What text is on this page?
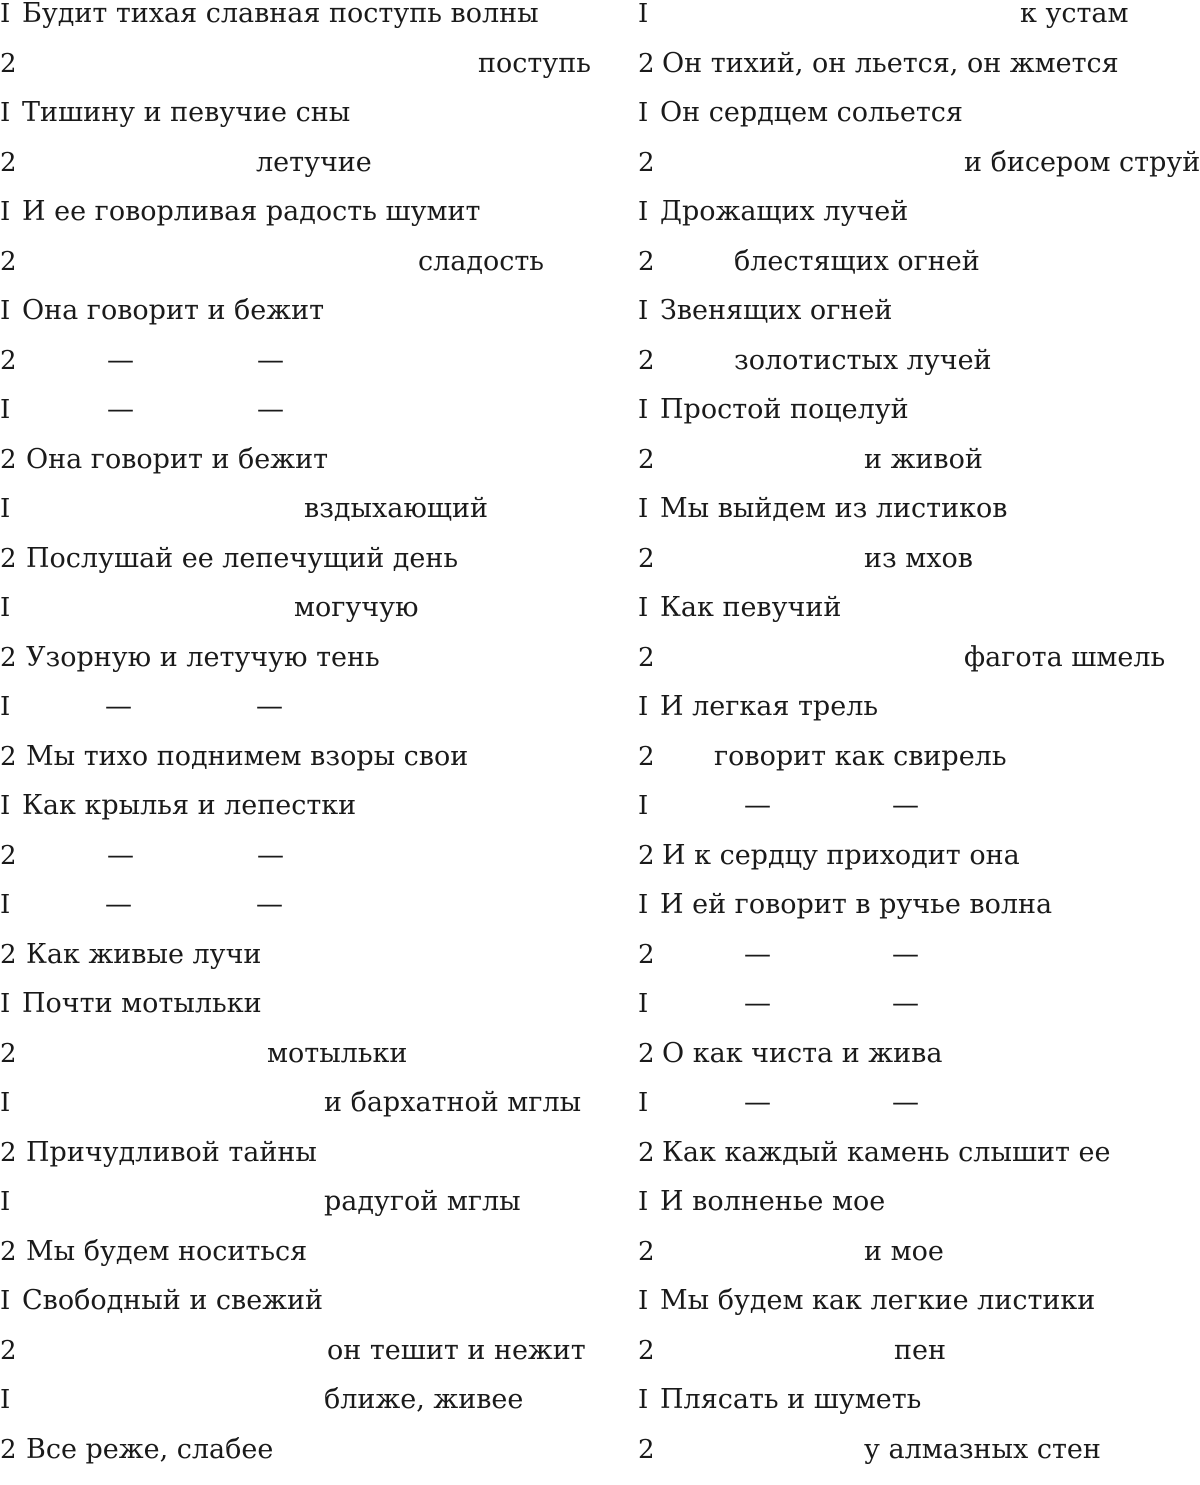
I Будит тихая славная поступь волны
2	поступь
I Тишину и певучие сны
2	летучие
I И ее говорливая радость шумит
2	сладость
I Она говорит и бежит
2	—	—
I	—	—
2 Она говорит и бежит
I	вздыхающий
2 Послушай ее лепечущий день
I	могучую
2 Узорную и летучую тень
I	—	—
2 Мы тихо поднимем взоры свои
I Как крылья и лепестки
2	—	—
I	—	—
2 Как живые лучи
I Почти мотыльки
2	мотыльки
I	и бархатной мглы
2 Причудливой тайны
I	радугой мглы
2 Мы будем носиться
I Свободный и свежий
2	он тешит и нежит
I	ближе, живее
2 Все реже, слабее
I	к устам
2 Он тихий, он льется, он жмется
I Он сердцем сольется
2	и бисером струй
I Дрожащих лучей
2	блестящих огней
I Звенящих огней
2	золотистых лучей
I Простой поцелуй
2	и живой
I Мы выйдем из листиков
2	из мхов
I Как певучий
2	фагота шмель
I И легкая трель
2 говорит как свирель
I	—	—
2 И к сердцу приходит она
I И ей говорит в ручье волна
2	—	—
I	—	—
2 О как чиста и жива
I	—	—
2 Как каждый камень слышит ее
I И волненье мое
2	и мое
I Мы будем как легкие листики
2	пен
I Плясать и шуметь
2	у алмазных стен
